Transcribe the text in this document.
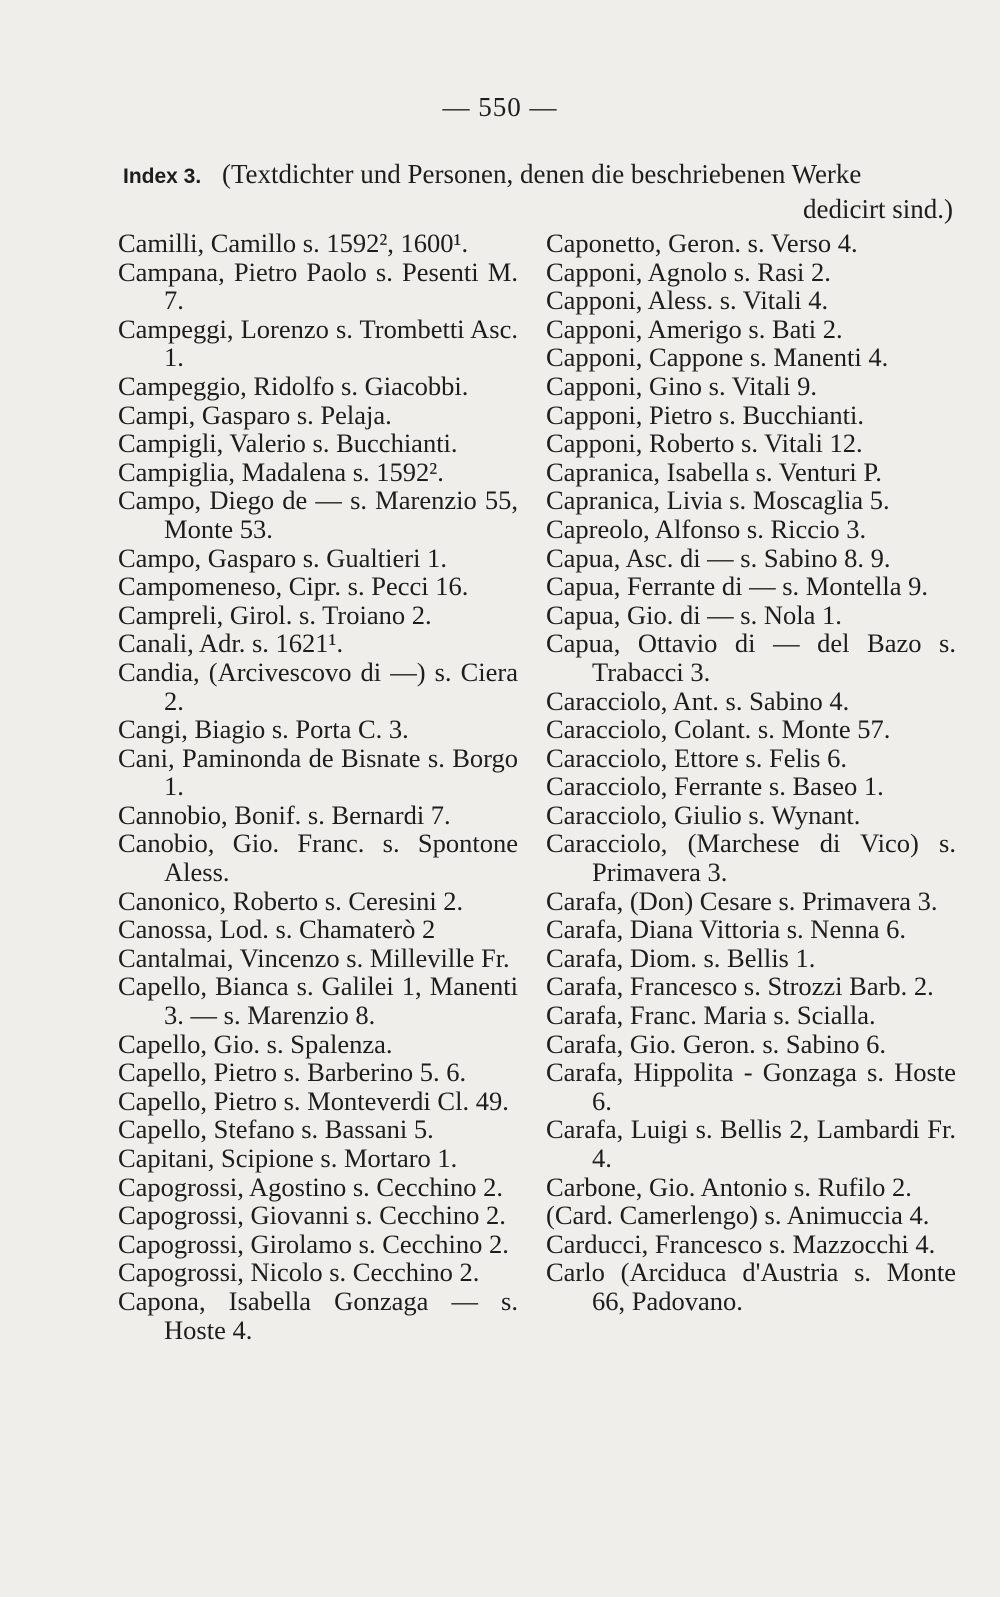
— 550 —
Index 3. (Textdichter und Personen, denen die beschriebenen Werke
dedicirt sind.)

Camilli, Camillo s. 1592², 1600¹.

Campana, Pietro Paolo s. Pesenti M. 7.

Campeggi, Lorenzo s. Trombetti Asc. 1.

Campeggio, Ridolfo s. Giacobbi.

Campi, Gasparo s. Pelaja.

Campigli, Valerio s. Bucchianti.

Campiglia, Madalena s. 1592².

Campo, Diego de — s. Marenzio 55, Monte 53.

Campo, Gasparo s. Gualtieri 1.

Campomeneso, Cipr. s. Pecci 16.

Campreli, Girol. s. Troiano 2.

Canali, Adr. s. 1621¹.

Candia, (Arcivescovo di —) s. Ciera 2.

Cangi, Biagio s. Porta C. 3.

Cani, Paminonda de Bisnate s. Borgo 1.

Cannobio, Bonif. s. Bernardi 7.

Canobio, Gio. Franc. s. Spontone Aless.

Canonico, Roberto s. Ceresini 2.

Canossa, Lod. s. Chamaterò 2

Cantalmai, Vincenzo s. Milleville Fr.

Capello, Bianca s. Galilei 1, Manenti 3. — s. Marenzio 8.

Capello, Gio. s. Spalenza.

Capello, Pietro s. Barberino 5. 6.

Capello, Pietro s. Monteverdi Cl. 49.

Capello, Stefano s. Bassani 5.

Capitani, Scipione s. Mortaro 1.

Capogrossi, Agostino s. Cecchino 2.

Capogrossi, Giovanni s. Cecchino 2.

Capogrossi, Girolamo s. Cecchino 2.

Capogrossi, Nicolo s. Cecchino 2.

Capona, Isabella Gonzaga — s. Hoste 4.

Caponetto, Geron. s. Verso 4.

Capponi, Agnolo s. Rasi 2.

Capponi, Aless. s. Vitali 4.

Capponi, Amerigo s. Bati 2.

Capponi, Cappone s. Manenti 4.

Capponi, Gino s. Vitali 9.

Capponi, Pietro s. Bucchianti.

Capponi, Roberto s. Vitali 12.

Capranica, Isabella s. Venturi P.

Capranica, Livia s. Moscaglia 5.

Capreolo, Alfonso s. Riccio 3.

Capua, Asc. di — s. Sabino 8. 9.

Capua, Ferrante di — s. Montella 9.

Capua, Gio. di — s. Nola 1.

Capua, Ottavio di — del Bazo s. Trabacci 3.

Caracciolo, Ant. s. Sabino 4.

Caracciolo, Colant. s. Monte 57.

Caracciolo, Ettore s. Felis 6.

Caracciolo, Ferrante s. Baseo 1.

Caracciolo, Giulio s. Wynant.

Caracciolo, (Marchese di Vico) s. Primavera 3.

Carafa, (Don) Cesare s. Primavera 3.

Carafa, Diana Vittoria s. Nenna 6.

Carafa, Diom. s. Bellis 1.

Carafa, Francesco s. Strozzi Barb. 2.

Carafa, Franc. Maria s. Scialla.

Carafa, Gio. Geron. s. Sabino 6.

Carafa, Hippolita - Gonzaga s. Hoste 6.

Carafa, Luigi s. Bellis 2, Lambardi Fr. 4.

Carbone, Gio. Antonio s. Rufilo 2.

(Card. Camerlengo) s. Animuccia 4.

Carducci, Francesco s. Mazzocchi 4.

Carlo (Arciduca d'Austria s. Monte 66, Padovano.
